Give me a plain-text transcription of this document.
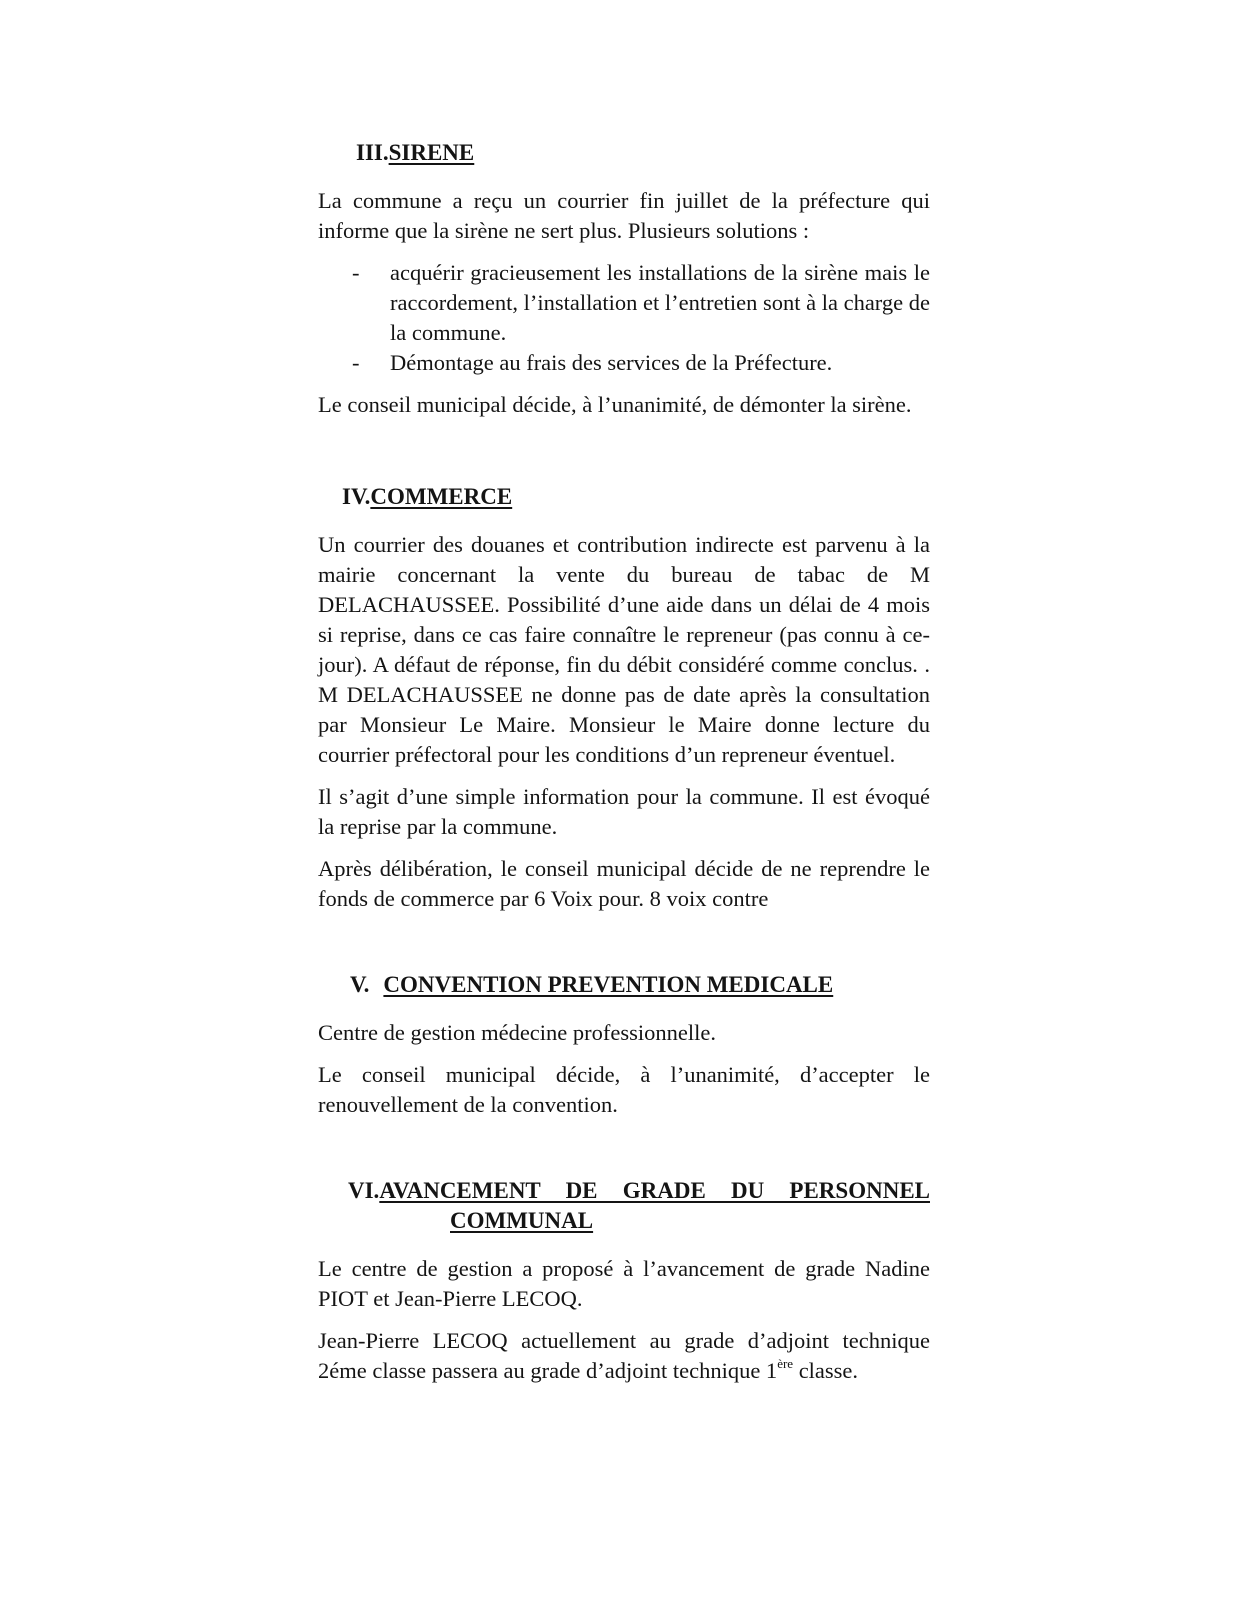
III. SIRENE

La commune a reçu un courrier fin juillet de la préfecture qui informe que la sirène ne sert plus. Plusieurs solutions :

- acquérir gracieusement les installations de la sirène mais le raccordement, l’installation et l’entretien sont à la charge de la commune.
- Démontage au frais des services de la Préfecture.

Le conseil municipal décide, à l’unanimité, de démonter la sirène.

IV. COMMERCE

Un courrier des douanes et contribution indirecte est parvenu à la mairie concernant la vente du bureau de tabac de M DELACHAUSSEE. Possibilité d’une aide dans un délai de 4 mois si reprise, dans ce cas faire connaître le repreneur (pas connu à ce-jour). A défaut de réponse, fin du débit considéré comme conclus. . M DELACHAUSSEE ne donne pas de date après la consultation par Monsieur Le Maire. Monsieur le Maire donne lecture du courrier préfectoral pour les conditions d’un repreneur éventuel.

Il s’agit d’une simple information pour la commune. Il est évoqué la reprise par la commune.

Après délibération, le conseil municipal décide de ne reprendre le fonds de commerce par 6 Voix pour. 8 voix contre

V. CONVENTION PREVENTION MEDICALE

Centre de gestion médecine professionnelle.

Le conseil municipal décide, à l’unanimité, d’accepter le renouvellement de la convention.

VI. AVANCEMENT DE GRADE DU PERSONNEL
COMMUNAL

Le centre de gestion a proposé à l’avancement de grade Nadine PIOT et Jean-Pierre LECOQ.

Jean-Pierre LECOQ actuellement au grade d’adjoint technique 2éme classe passera au grade d’adjoint technique 1ère classe.
